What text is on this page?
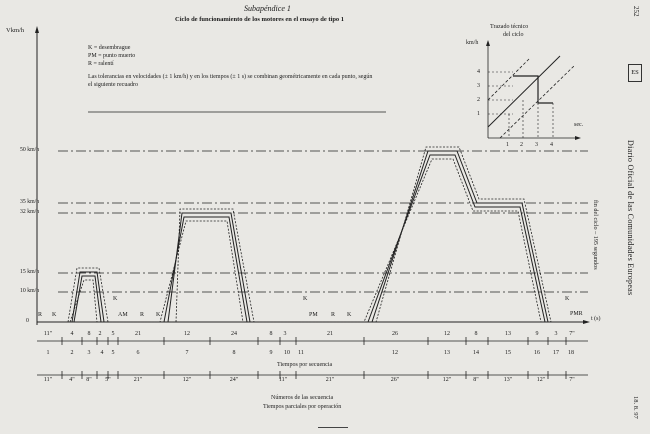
Subapéndice 1
Ciclo de funcionamiento de los motores en el ensayo de tipo 1
252
ES
Diario Oficial de las Comunidades Europeas
18. 8. 97
K = desembrague
PM = punto muerto
R = ralentí
Las tolerancias en velocidades (± 1 km/h) y en los tiempos (± 1 s) se combinan geométricamente en cada punto, según
el siguiente recuadro
Vkm/h
50 km/h
35 km/h
32 km/h
15 km/h
10 km/h
0
fin del ciclo – 195 segundos
Trazado técnico
del ciclo
km/h
sec.
4
3
2
1
1 2 3 4
R K
K
AM R K
K
PM R K
K
PMR
t (s)
Tiempos por secuencia
Números de las secuencia
Tiempos parciales por operación
11"	4	8	2	5	21	12	24	8	3	21	26	12	8	13	9	3	7"
1	2	3	4	5	6	7	8	9	10	11	12	13	14	15	16	17	18
11"	4"	8"	5"	21"	12"	24"	11"	21"	26"	12"	8"	13"	12"	7"
